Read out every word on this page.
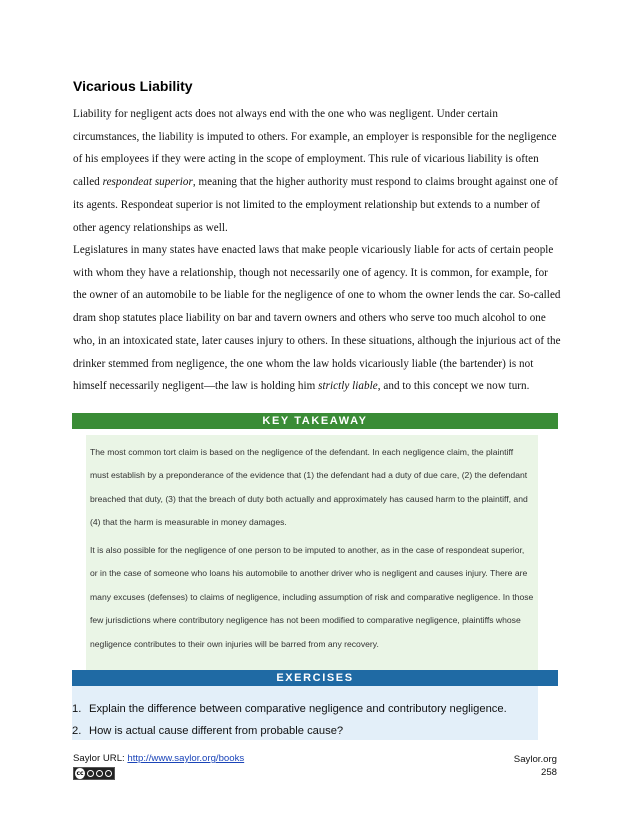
Vicarious Liability

Liability for negligent acts does not always end with the one who was negligent. Under certain circumstances, the liability is imputed to others. For example, an employer is responsible for the negligence of his employees if they were acting in the scope of employment. This rule of vicarious liability is often called respondeat superior, meaning that the higher authority must respond to claims brought against one of its agents. Respondeat superior is not limited to the employment relationship but extends to a number of other agency relationships as well.

Legislatures in many states have enacted laws that make people vicariously liable for acts of certain people with whom they have a relationship, though not necessarily one of agency. It is common, for example, for the owner of an automobile to be liable for the negligence of one to whom the owner lends the car. So-called dram shop statutes place liability on bar and tavern owners and others who serve too much alcohol to one who, in an intoxicated state, later causes injury to others. In these situations, although the injurious act of the drinker stemmed from negligence, the one whom the law holds vicariously liable (the bartender) is not himself necessarily negligent—the law is holding him strictly liable, and to this concept we now turn.

KEY TAKEAWAY

The most common tort claim is based on the negligence of the defendant. In each negligence claim, the plaintiff must establish by a preponderance of the evidence that (1) the defendant had a duty of due care, (2) the defendant breached that duty, (3) that the breach of duty both actually and approximately has caused harm to the plaintiff, and (4) that the harm is measurable in money damages.

It is also possible for the negligence of one person to be imputed to another, as in the case of respondeat superior, or in the case of someone who loans his automobile to another driver who is negligent and causes injury. There are many excuses (defenses) to claims of negligence, including assumption of risk and comparative negligence. In those few jurisdictions where contributory negligence has not been modified to comparative negligence, plaintiffs whose negligence contributes to their own injuries will be barred from any recovery.

EXERCISES
1. Explain the difference between comparative negligence and contributory negligence.
2. How is actual cause different from probable cause?
Saylor URL: http://www.saylor.org/books
cc
Saylor.org
258
